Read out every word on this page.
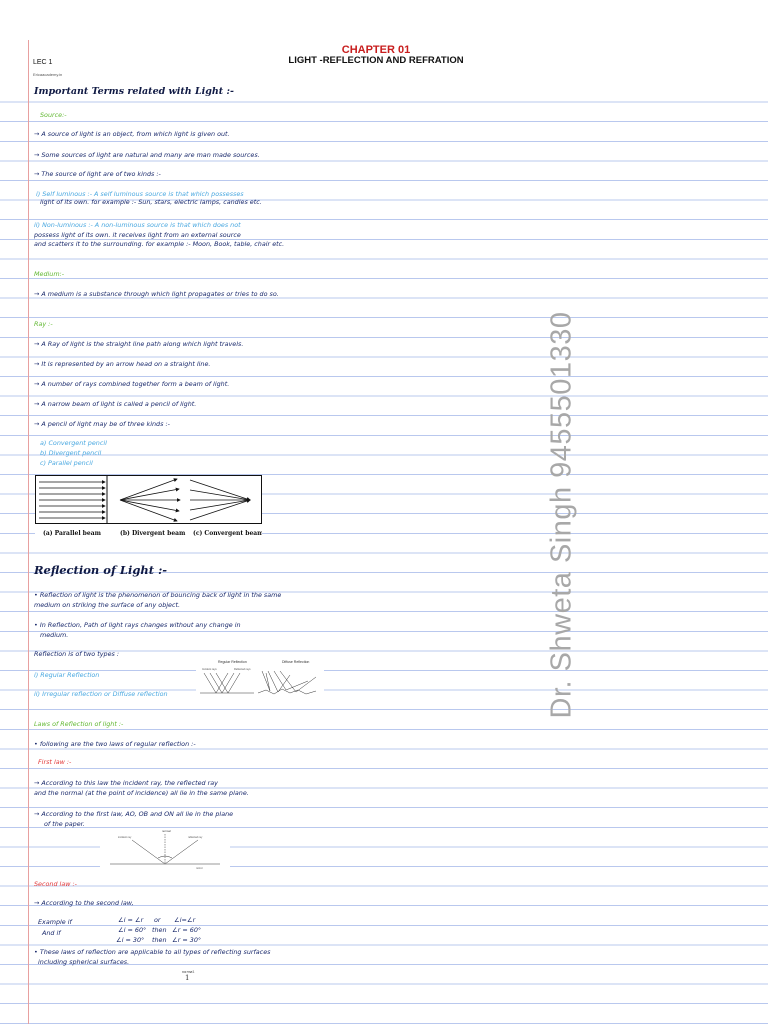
CHAPTER 01
LIGHT -REFLECTION AND REFRATION
LEC 1
Ericaacademy.in
Dr. Shweta Singh 9455501330
Important Terms related with Light :-
Source:-
→ A source of light is an object, from which light is given out.
→ Some sources of light are natural and many are man made sources.
→ The source of light are of two kinds :-
i) Self luminous :- A self luminous source is that which possesses
light of its own. for example :- Sun, stars, electric lamps, candles etc.
ii) Non-luminous :- A non-luminous source is that which does not
possess light of its own. it receives light from an external source
and scatters it to the surrounding. for example :- Moon, Book, table, chair etc.
Medium:-
→ A medium is a substance through which light propagates or tries to do so.
Ray :-
→ A Ray of light is the straight line path along which light travels.
→ It is represented by an arrow head on a straight line.
→ A number of rays combined together form a beam of light.
→ A narrow beam of light is called a pencil of light.
→ A pencil of light may be of three kinds :-
a) Convergent pencil
b) Divergent pencil
c) Parallel pencil
(a) Parallel beam	(b) Divergent beam (c) Convergent beam
Reflection of Light :-
• Reflection of light is the phenomenon of bouncing back of light in the same
medium on striking the surface of any object.
• In Reflection, Path of light rays changes without any change in
medium.
Reflection is of two types :
i) Regular Reflection
ii) Irregular reflection or Diffuse reflection
Regular Reflection	Diffuse Reflection
Incident rays	Reflected rays
Laws of Reflection of light :-
• following are the two laws of regular reflection :-
First law :-
→ According to this law the incident ray, the reflected ray
and the normal (at the point of incidence) all lie in the same plane.
→ According to the first law, AO, OB and ON all lie in the plane
of the paper.
normal
incident ray	reflected ray
mirror
Second law :-
→ According to the second law,
Example if
And if
∠i = ∠r or ∠i=∠r
∠i = 60° then ∠r = 60°
∠i = 30° then ∠r = 30°
• These laws of reflection are applicable to all types of reflecting surfaces
including spherical surfaces.
normal
1
